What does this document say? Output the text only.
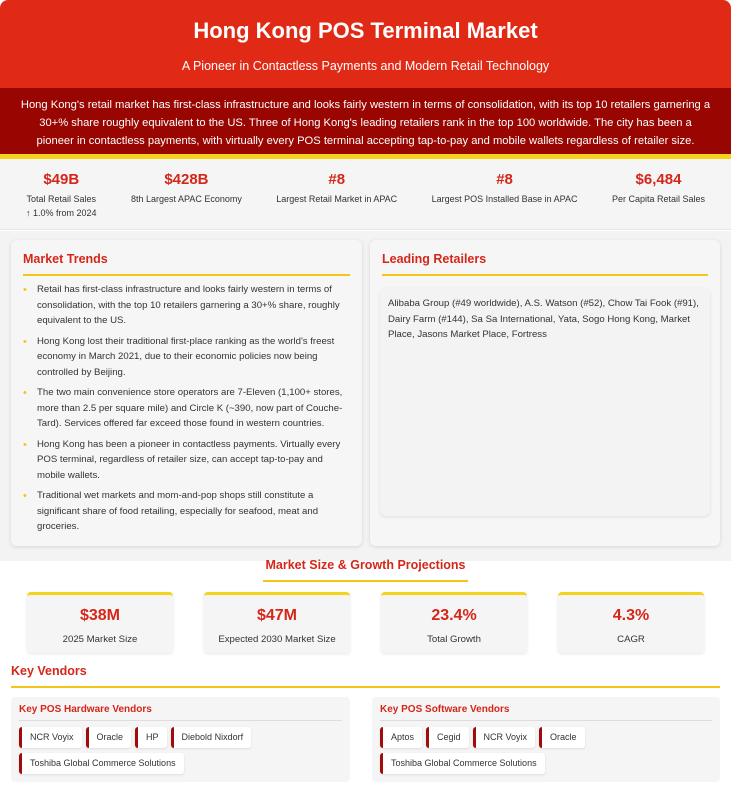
Hong Kong POS Terminal Market
A Pioneer in Contactless Payments and Modern Retail Technology
Hong Kong's retail market has first-class infrastructure and looks fairly western in terms of consolidation, with its top 10 retailers garnering a 30+% share roughly equivalent to the US. Three of Hong Kong's leading retailers rank in the top 100 worldwide. The city has been a pioneer in contactless payments, with virtually every POS terminal accepting tap-to-pay and mobile wallets regardless of retailer size.
$49B
Total Retail Sales
↑ 1.0% from 2024
$428B
8th Largest APAC Economy
#8
Largest Retail Market in APAC
#8
Largest POS Installed Base in APAC
$6,484
Per Capita Retail Sales
Market Trends
• Retail has first-class infrastructure and looks fairly western in terms of consolidation, with the top 10 retailers garnering a 30+% share, roughly equivalent to the US.
• Hong Kong lost their traditional first-place ranking as the world's freest economy in March 2021, due to their economic policies now being controlled by Beijing.
• The two main convenience store operators are 7-Eleven (1,100+ stores, more than 2.5 per square mile) and Circle K (~390, now part of Couche-Tard). Services offered far exceed those found in western countries.
• Hong Kong has been a pioneer in contactless payments. Virtually every POS terminal, regardless of retailer size, can accept tap-to-pay and mobile wallets.
• Traditional wet markets and mom-and-pop shops still constitute a significant share of food retailing, especially for seafood, meat and groceries.
Leading Retailers
Alibaba Group (#49 worldwide), A.S. Watson (#52), Chow Tai Fook (#91), Dairy Farm (#144), Sa Sa International, Yata, Sogo Hong Kong, Market Place, Jasons Market Place, Fortress
Market Size & Growth Projections
$38M
2025 Market Size
$47M
Expected 2030 Market Size
23.4%
Total Growth
4.3%
CAGR
Key Vendors
Key POS Hardware Vendors
NCR Voyix	Oracle	HP	Diebold Nixdorf
Toshiba Global Commerce Solutions
Key POS Software Vendors
Aptos	Cegid	NCR Voyix	Oracle
Toshiba Global Commerce Solutions
